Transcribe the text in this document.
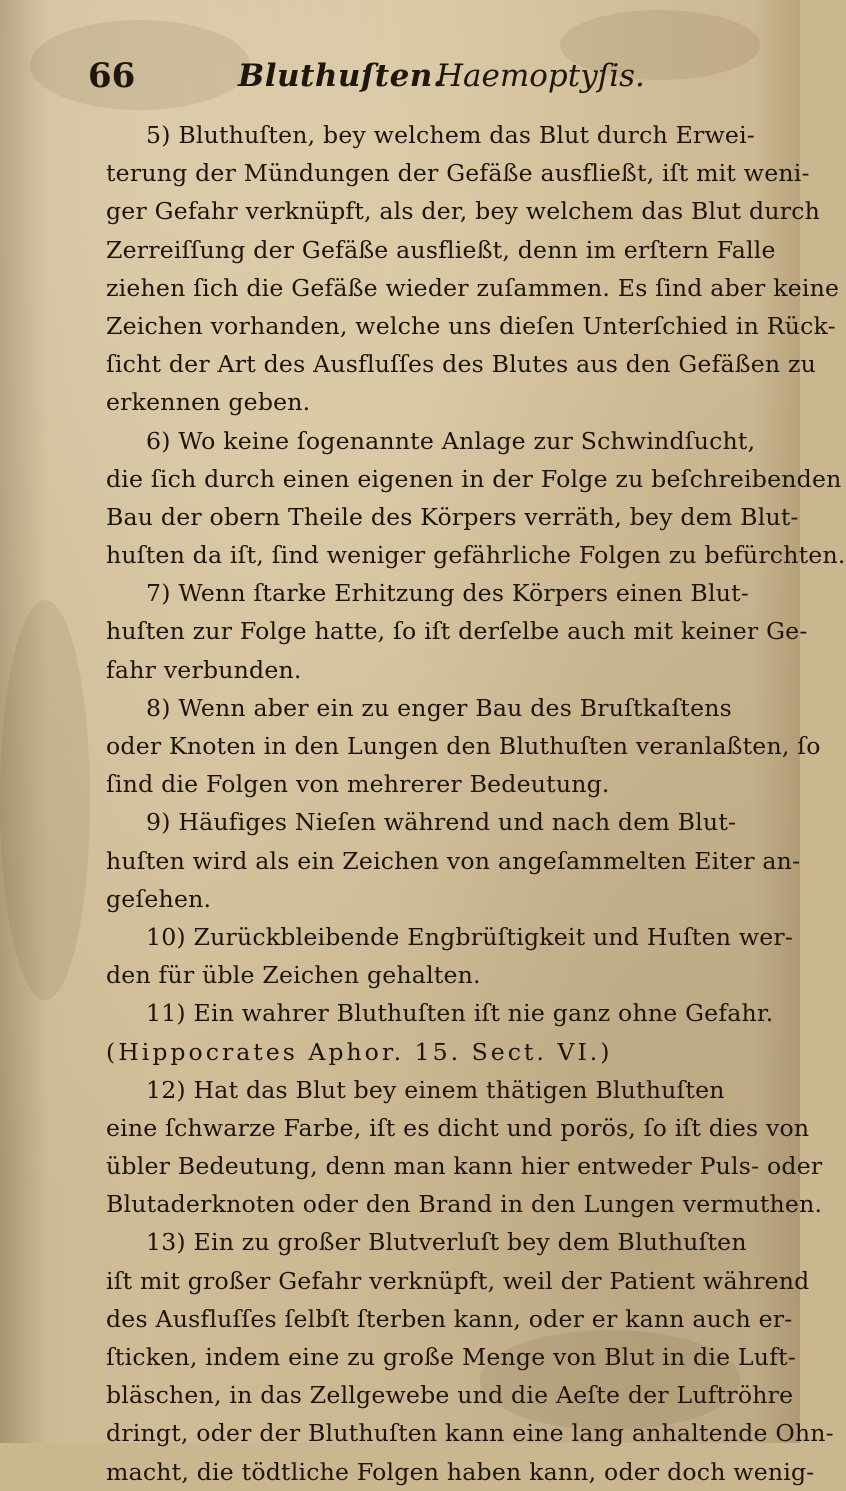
66	Bluthuſten.
Haemoptyſis.
5) Bluthuſten, bey welchem das Blut durch Erwei-
terung der Mündungen der Gefäße ausfließt, iſt mit weni-
ger Gefahr verknüpft, als der, bey welchem das Blut durch
Zerreiſſung der Gefäße ausfließt, denn im erſtern Falle
ziehen ſich die Gefäße wieder zuſammen. Es ſind aber keine
Zeichen vorhanden, welche uns dieſen Unterſchied in Rück-
ſicht der Art des Ausfluſſes des Blutes aus den Gefäßen zu
erkennen geben.
6) Wo keine ſogenannte Anlage zur Schwindſucht,
die ſich durch einen eigenen in der Folge zu beſchreibenden
Bau der obern Theile des Körpers verräth, bey dem Blut-
huſten da iſt, ſind weniger gefährliche Folgen zu befürchten.
7) Wenn ſtarke Erhitzung des Körpers einen Blut-
huſten zur Folge hatte, ſo iſt derſelbe auch mit keiner Ge-
fahr verbunden.
8) Wenn aber ein zu enger Bau des Bruſtkaſtens
oder Knoten in den Lungen den Bluthuſten veranlaßten, ſo
ſind die Folgen von mehrerer Bedeutung.
9) Häufiges Nieſen während und nach dem Blut-
huſten wird als ein Zeichen von angeſammelten Eiter an-
geſehen.
10) Zurückbleibende Engbrüſtigkeit und Huſten wer-
den für üble Zeichen gehalten.
11) Ein wahrer Bluthuſten iſt nie ganz ohne Gefahr.
(Hippocrates Aphor. 15. Sect. VI.)
12) Hat das Blut bey einem thätigen Bluthuſten
eine ſchwarze Farbe, iſt es dicht und porös, ſo iſt dies von
übler Bedeutung, denn man kann hier entweder Puls- oder
Blutaderknoten oder den Brand in den Lungen vermuthen.
13) Ein zu großer Blutverluſt bey dem Bluthuſten
iſt mit großer Gefahr verknüpft, weil der Patient während
des Ausfluſſes ſelbſt ſterben kann, oder er kann auch er-
ſticken, indem eine zu große Menge von Blut in die Luft-
bläschen, in das Zellgewebe und die Aeſte der Luftröhre
dringt, oder der Bluthuſten kann eine lang anhaltende Ohn-
macht, die tödtliche Folgen haben kann, oder doch wenig-
